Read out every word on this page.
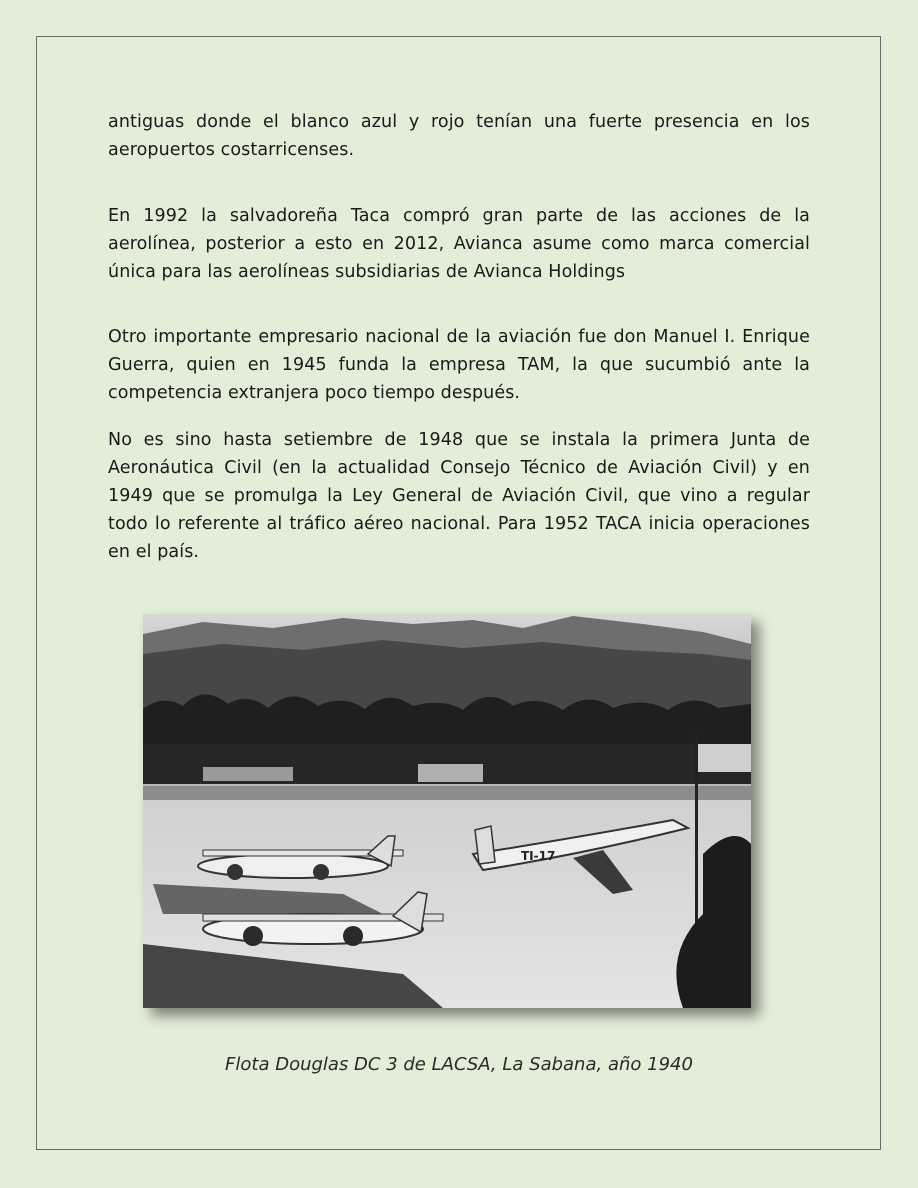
antiguas donde el blanco azul y rojo tenían una fuerte presencia en los aeropuertos costarricenses.

En 1992 la salvadoreña Taca compró gran parte de las acciones de la aerolínea, posterior a esto en 2012, Avianca asume como marca comercial única para las aerolíneas subsidiarias de Avianca Holdings

Otro importante empresario nacional de la aviación fue don Manuel I. Enrique Guerra, quien en 1945 funda la empresa TAM, la que sucumbió ante la competencia extranjera poco tiempo después.

No es sino hasta setiembre de 1948 que se instala la primera Junta de Aeronáutica Civil (en la actualidad Consejo Técnico de Aviación Civil) y en 1949 que se promulga la Ley General de Aviación Civil, que vino a regular todo lo referente al tráfico aéreo nacional. Para 1952 TACA inicia operaciones en el país.

TI-17

Flota Douglas DC 3 de LACSA, La Sabana, año 1940
